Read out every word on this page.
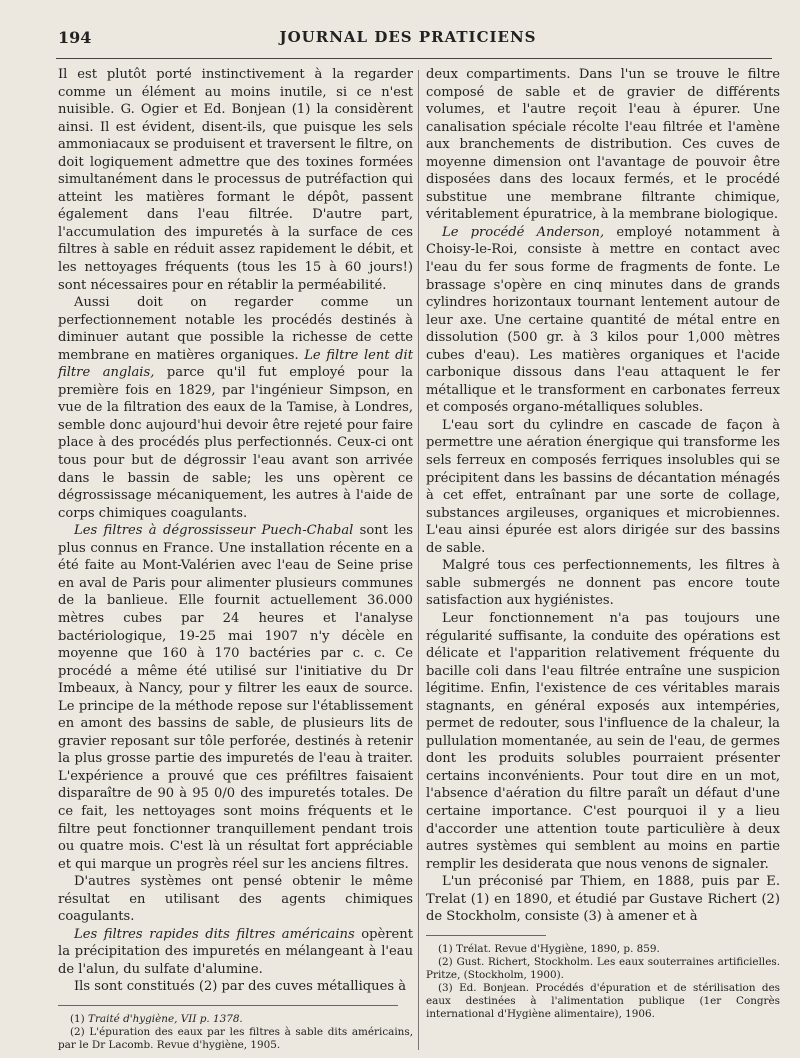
194	JOURNAL DES PRATICIENS

Il est plutôt porté instinctivement à la regarder comme un élément au moins inutile, si ce n'est nuisible. G. Ogier et Ed. Bonjean (1) la considèrent ainsi. Il est évident, disent-ils, que puisque les sels ammoniacaux se produisent et traversent le filtre, on doit logiquement admettre que des toxines formées simultanément dans le processus de putréfaction qui atteint les matières formant le dépôt, passent également dans l'eau filtrée. D'autre part, l'accumulation des impuretés à la surface de ces filtres à sable en réduit assez rapidement le débit, et les nettoyages fréquents (tous les 15 à 60 jours!) sont nécessaires pour en rétablir la perméabilité.

Aussi doit on regarder comme un perfectionnement notable les procédés destinés à diminuer autant que possible la richesse de cette membrane en matières organiques. Le filtre lent dit filtre anglais, parce qu'il fut employé pour la première fois en 1829, par l'ingénieur Simpson, en vue de la filtration des eaux de la Tamise, à Londres, semble donc aujourd'hui devoir être rejeté pour faire place à des procédés plus perfectionnés. Ceux-ci ont tous pour but de dégrossir l'eau avant son arrivée dans le bassin de sable; les uns opèrent ce dégrossissage mécaniquement, les autres à l'aide de corps chimiques coagulants.

Les filtres à dégrossisseur Puech-Chabal sont les plus connus en France. Une installation récente en a été faite au Mont-Valérien avec l'eau de Seine prise en aval de Paris pour alimenter plusieurs communes de la banlieue. Elle fournit actuellement 36.000 mètres cubes par 24 heures et l'analyse bactériologique, 19-25 mai 1907 n'y décèle en moyenne que 160 à 170 bactéries par c. c. Ce procédé a même été utilisé sur l'initiative du Dr Imbeaux, à Nancy, pour y filtrer les eaux de source. Le principe de la méthode repose sur l'établissement en amont des bassins de sable, de plusieurs lits de gravier reposant sur tôle perforée, destinés à retenir la plus grosse partie des impuretés de l'eau à traiter. L'expérience a prouvé que ces préfiltres faisaient disparaître de 90 à 95 0/0 des impuretés totales. De ce fait, les nettoyages sont moins fréquents et le filtre peut fonctionner tranquillement pendant trois ou quatre mois. C'est là un résultat fort appréciable et qui marque un progrès réel sur les anciens filtres.

D'autres systèmes ont pensé obtenir le même résultat en utilisant des agents chimiques coagulants.

Les filtres rapides dits filtres américains opèrent la précipitation des impuretés en mélangeant à l'eau de l'alun, du sulfate d'alumine.

Ils sont constitués (2) par des cuves métalliques à

(1) Traité d'hygiène, VII p. 1378.

(2) L'épuration des eaux par les filtres à sable dits américains, par le Dr Lacomb. Revue d'hygiène, 1905.

deux compartiments. Dans l'un se trouve le filtre composé de sable et de gravier de différents volumes, et l'autre reçoit l'eau à épurer. Une canalisation spéciale récolte l'eau filtrée et l'amène aux branchements de distribution. Ces cuves de moyenne dimension ont l'avantage de pouvoir être disposées dans des locaux fermés, et le procédé substitue une membrane filtrante chimique, véritablement épuratrice, à la membrane biologique.

Le procédé Anderson, employé notamment à Choisy-le-Roi, consiste à mettre en contact avec l'eau du fer sous forme de fragments de fonte. Le brassage s'opère en cinq minutes dans de grands cylindres horizontaux tournant lentement autour de leur axe. Une certaine quantité de métal entre en dissolution (500 gr. à 3 kilos pour 1,000 mètres cubes d'eau). Les matières organiques et l'acide carbonique dissous dans l'eau attaquent le fer métallique et le transforment en carbonates ferreux et composés organo-métalliques solubles.

L'eau sort du cylindre en cascade de façon à permettre une aération énergique qui transforme les sels ferreux en composés ferriques insolubles qui se précipitent dans les bassins de décantation ménagés à cet effet, entraînant par une sorte de collage, substances argileuses, organiques et microbiennes. L'eau ainsi épurée est alors dirigée sur des bassins de sable.

Malgré tous ces perfectionnements, les filtres à sable submergés ne donnent pas encore toute satisfaction aux hygiénistes.

Leur fonctionnement n'a pas toujours une régularité suffisante, la conduite des opérations est délicate et l'apparition relativement fréquente du bacille coli dans l'eau filtrée entraîne une suspicion légitime. Enfin, l'existence de ces véritables marais stagnants, en général exposés aux intempéries, permet de redouter, sous l'influence de la chaleur, la pullulation momentanée, au sein de l'eau, de germes dont les produits solubles pourraient présenter certains inconvénients. Pour tout dire en un mot, l'absence d'aération du filtre paraît un défaut d'une certaine importance. C'est pourquoi il y a lieu d'accorder une attention toute particulière à deux autres systèmes qui semblent au moins en partie remplir les desiderata que nous venons de signaler.

L'un préconisé par Thiem, en 1888, puis par E. Trelat (1) en 1890, et étudié par Gustave Richert (2) de Stockholm, consiste (3) à amener et à

(1) Trélat. Revue d'Hygiène, 1890, p. 859.

(2) Gust. Richert, Stockholm. Les eaux souterraines artificielles. Pritze, (Stockholm, 1900).

(3) Ed. Bonjean. Procédés d'épuration et de stérilisation des eaux destinées à l'alimentation publique (1er Congrès international d'Hygiène alimentaire), 1906.
